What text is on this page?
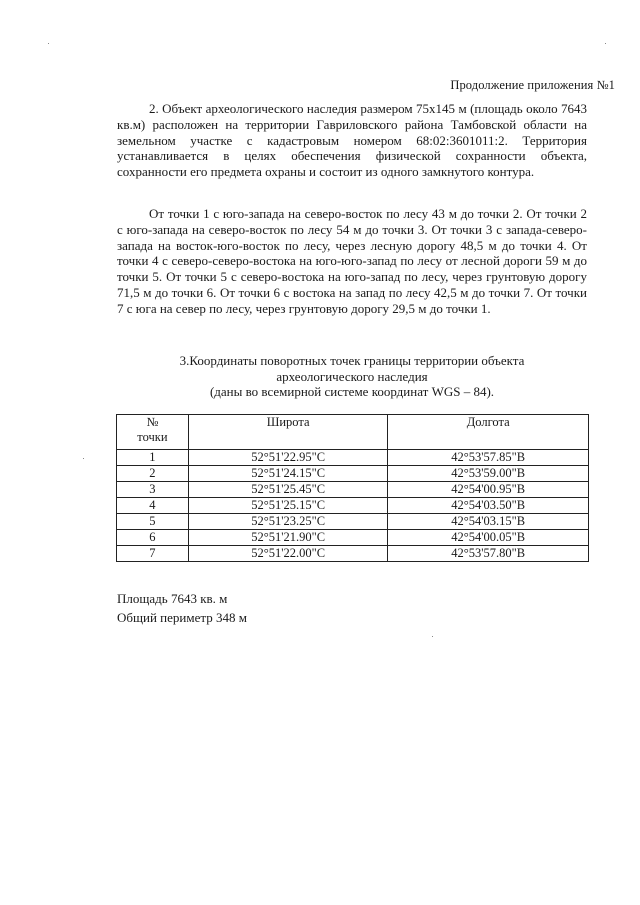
Продолжение приложения №1
2. Объект археологического наследия размером 75х145 м (площадь около 7643 кв.м) расположен на территории Гавриловского района Тамбовской области на земельном участке с кадастровым номером 68:02:3601011:2. Территория устанавливается в целях обеспечения физической сохранности объекта, сохранности его предмета охраны и состоит из одного замкнутого контура.
От точки 1 с юго-запада на северо-восток по лесу 43 м до точки 2. От точки 2 с юго-запада на северо-восток по лесу 54 м до точки 3. От точки 3 с запада-северо-запада на восток-юго-восток по лесу, через лесную дорогу 48,5 м до точки 4. От точки 4 с северо-северо-востока на юго-юго-запад по лесу от лесной дороги 59 м до точки 5. От точки 5 с северо-востока на юго-запад по лесу, через грунтовую дорогу 71,5 м до точки 6. От точки 6 с востока на запад по лесу 42,5 м до точки 7. От точки 7 с юга на север по лесу, через грунтовую дорогу 29,5 м до точки 1.
3.Координаты поворотных точек границы территории объекта
археологического наследия
(даны во всемирной системе координат WGS – 84).
№
точки	Широта	Долгота
1	52°51'22.95"С	42°53'57.85"В
2	52°51'24.15"С	42°53'59.00"В
3	52°51'25.45"С	42°54'00.95"В
4	52°51'25.15"С	42°54'03.50"В
5	52°51'23.25"С	42°54'03.15"В
6	52°51'21.90"С	42°54'00.05"В
7	52°51'22.00"С	42°53'57.80"В
Площадь 7643 кв. м
Общий периметр 348 м
